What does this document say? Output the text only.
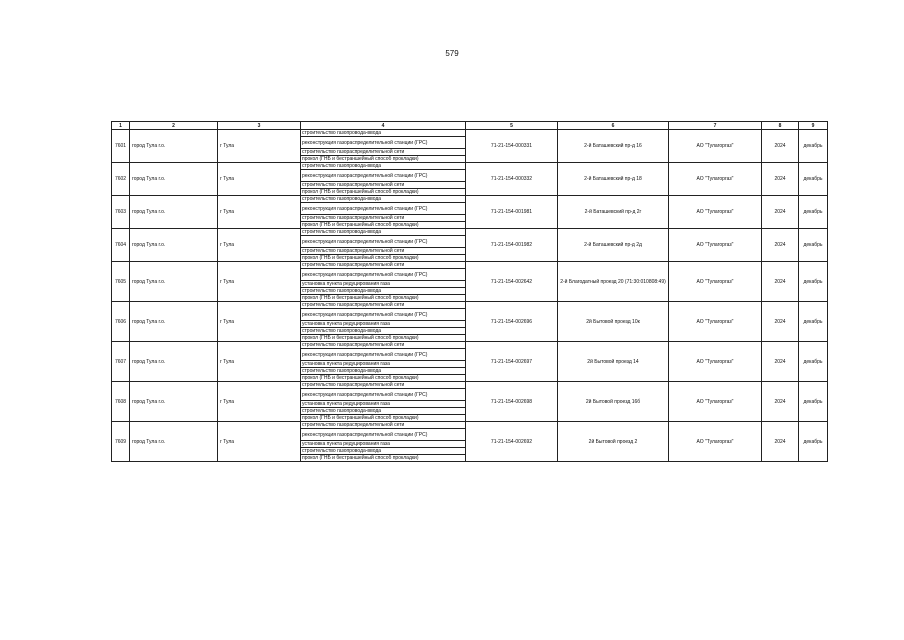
579
1	2	3	4	5	6	7	8	9
7601	город Тула г.о.	г Тула	строительство газопровода-ввода	71-21-154-000331	2-й Баташевский пр-д 16	АО "Тулагоргаз"	2024	декабрь
			реконструкция газораспределительной станции (ГРС)					
			строительство газораспределительной сети					
			прокол (ГНБ и бестраншейный способ прокладки)					
7602	город Тула г.о.	г Тула	строительство газопровода-ввода	71-21-154-000332	2-й Баташевский пр-д 18	АО "Тулагоргаз"	2024	декабрь
			реконструкция газораспределительной станции (ГРС)					
			строительство газораспределительной сети					
			прокол (ГНБ и бестраншейный способ прокладки)					
7603	город Тула г.о.	г Тула	строительство газопровода-ввода	71-21-154-001981	2-й Баташевский пр-д 2г	АО "Тулагоргаз"	2024	декабрь
			реконструкция газораспределительной станции (ГРС)					
			строительство газораспределительной сети					
			прокол (ГНБ и бестраншейный способ прокладки)					
7604	город Тула г.о.	г Тула	строительство газопровода-ввода	71-21-154-001982	2-й Баташевский пр-д 2д	АО "Тулагоргаз"	2024	декабрь
			реконструкция газораспределительной станции (ГРС)					
			строительство газораспределительной сети					
			прокол (ГНБ и бестраншейный способ прокладки)					
7605	город Тула г.о.	г Тула	строительство газораспределительной сети	71-21-154-002642	2-й Благодатный проезд 20 (71:30:010808:49)	АО "Тулагоргаз"	2024	декабрь
			реконструкция газораспределительной станции (ГРС)					
			установка пункта редуцирования газа					
			строительство газопровода-ввода					
			прокол (ГНБ и бестраншейный способ прокладки)					
7606	город Тула г.о.	г Тула	строительство газораспределительной сети	71-21-154-002696	2й Бытовой проезд 10к	АО "Тулагоргаз"	2024	декабрь
			реконструкция газораспределительной станции (ГРС)					
			установка пункта редуцирования газа					
			строительство газопровода-ввода					
			прокол (ГНБ и бестраншейный способ прокладки)					
7607	город Тула г.о.	г Тула	строительство газораспределительной сети	71-21-154-002697	2й Бытовой проезд 14	АО "Тулагоргаз"	2024	декабрь
			реконструкция газораспределительной станции (ГРС)					
			установка пункта редуцирования газа					
			строительство газопровода-ввода					
			прокол (ГНБ и бестраншейный способ прокладки)					
7608	город Тула г.о.	г Тула	строительство газораспределительной сети	71-21-154-002698	2й Бытовой проезд 16б	АО "Тулагоргаз"	2024	декабрь
			реконструкция газораспределительной станции (ГРС)					
			установка пункта редуцирования газа					
			строительство газопровода-ввода					
			прокол (ГНБ и бестраншейный способ прокладки)					
7609	город Тула г.о.	г Тула	строительство газораспределительной сети	71-21-154-002692	2й Бытовой проезд 2	АО "Тулагоргаз"	2024	декабрь
			реконструкция газораспределительной станции (ГРС)					
			установка пункта редуцирования газа					
			строительство газопровода-ввода					
			прокол (ГНБ и бестраншейный способ прокладки)					
